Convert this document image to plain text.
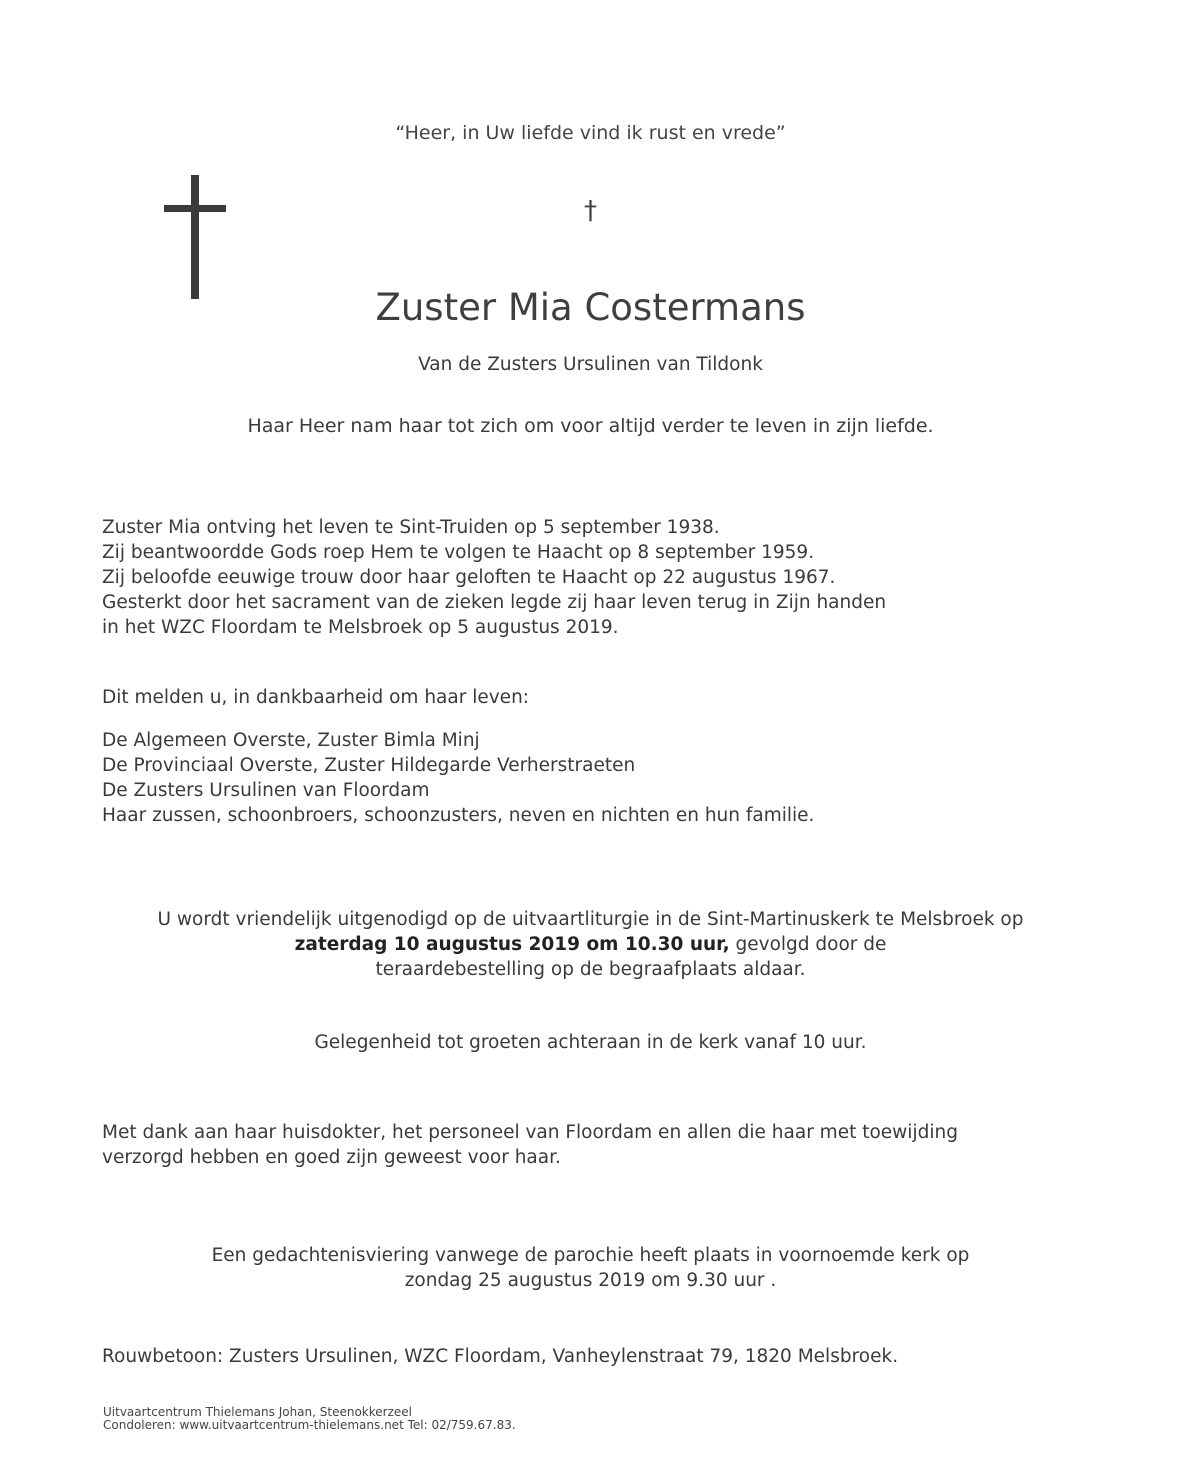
“Heer, in Uw liefde vind ik rust en vrede”
†
Zuster Mia Costermans
Van de Zusters Ursulinen van Tildonk
Haar Heer nam haar tot zich om voor altijd verder te leven in zijn liefde.
Zuster Mia ontving het leven te Sint-Truiden op 5 september 1938.
Zij beantwoordde Gods roep Hem te volgen te Haacht op 8 september 1959.
Zij beloofde eeuwige trouw door haar geloften te Haacht op 22 augustus 1967.
Gesterkt door het sacrament van de zieken legde zij haar leven terug in Zijn handen
in het WZC Floordam te Melsbroek op 5 augustus 2019.
Dit melden u, in dankbaarheid om haar leven:
De Algemeen Overste, Zuster Bimla Minj
De Provinciaal Overste, Zuster Hildegarde Verherstraeten
De Zusters Ursulinen van Floordam
Haar zussen, schoonbroers, schoonzusters, neven en nichten en hun familie.
U wordt vriendelijk uitgenodigd op de uitvaartliturgie in de Sint-Martinuskerk te Melsbroek op
zaterdag 10 augustus 2019 om 10.30 uur, gevolgd door de
teraardebestelling op de begraafplaats aldaar.
Gelegenheid tot groeten achteraan in de kerk vanaf 10 uur.
Met dank aan haar huisdokter, het personeel van Floordam en allen die haar met toewijding
verzorgd hebben en goed zijn geweest voor haar.
Een gedachtenisviering vanwege de parochie heeft plaats in voornoemde kerk op
zondag 25 augustus 2019 om 9.30 uur .
Rouwbetoon: Zusters Ursulinen, WZC Floordam, Vanheylenstraat 79, 1820 Melsbroek.
Uitvaartcentrum Thielemans Johan, Steenokkerzeel
Condoleren: www.uitvaartcentrum-thielemans.net Tel: 02/759.67.83.
